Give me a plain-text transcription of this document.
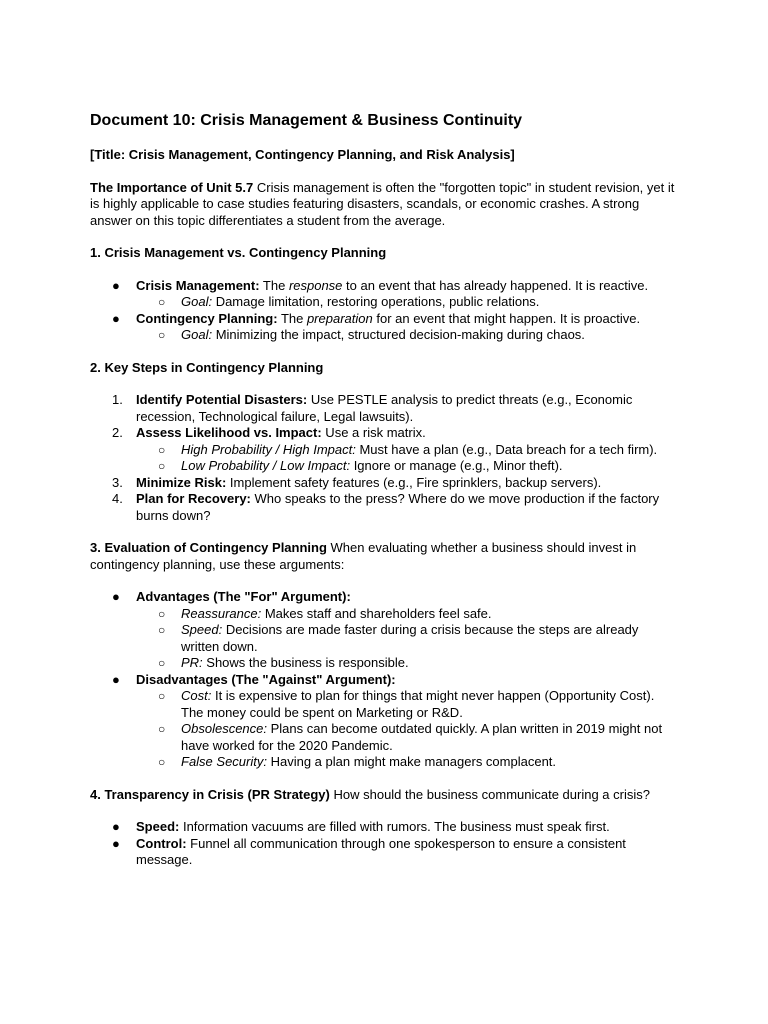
Document 10: Crisis Management & Business Continuity

[Title: Crisis Management, Contingency Planning, and Risk Analysis]

The Importance of Unit 5.7 Crisis management is often the "forgotten topic" in student revision, yet it is highly applicable to case studies featuring disasters, scandals, or economic crashes. A strong answer on this topic differentiates a student from the average.

1. Crisis Management vs. Contingency Planning

● Crisis Management: The response to an event that has already happened. It is reactive.
○ Goal: Damage limitation, restoring operations, public relations.
● Contingency Planning: The preparation for an event that might happen. It is proactive.
○ Goal: Minimizing the impact, structured decision-making during chaos.

2. Key Steps in Contingency Planning

1. Identify Potential Disasters: Use PESTLE analysis to predict threats (e.g., Economic recession, Technological failure, Legal lawsuits).
2. Assess Likelihood vs. Impact: Use a risk matrix.
○ High Probability / High Impact: Must have a plan (e.g., Data breach for a tech firm).
○ Low Probability / Low Impact: Ignore or manage (e.g., Minor theft).
3. Minimize Risk: Implement safety features (e.g., Fire sprinklers, backup servers).
4. Plan for Recovery: Who speaks to the press? Where do we move production if the factory burns down?

3. Evaluation of Contingency Planning When evaluating whether a business should invest in contingency planning, use these arguments:

● Advantages (The "For" Argument):
○ Reassurance: Makes staff and shareholders feel safe.
○ Speed: Decisions are made faster during a crisis because the steps are already written down.
○ PR: Shows the business is responsible.
● Disadvantages (The "Against" Argument):
○ Cost: It is expensive to plan for things that might never happen (Opportunity Cost). The money could be spent on Marketing or R&D.
○ Obsolescence: Plans can become outdated quickly. A plan written in 2019 might not have worked for the 2020 Pandemic.
○ False Security: Having a plan might make managers complacent.

4. Transparency in Crisis (PR Strategy) How should the business communicate during a crisis?

● Speed: Information vacuums are filled with rumors. The business must speak first.
● Control: Funnel all communication through one spokesperson to ensure a consistent message.
